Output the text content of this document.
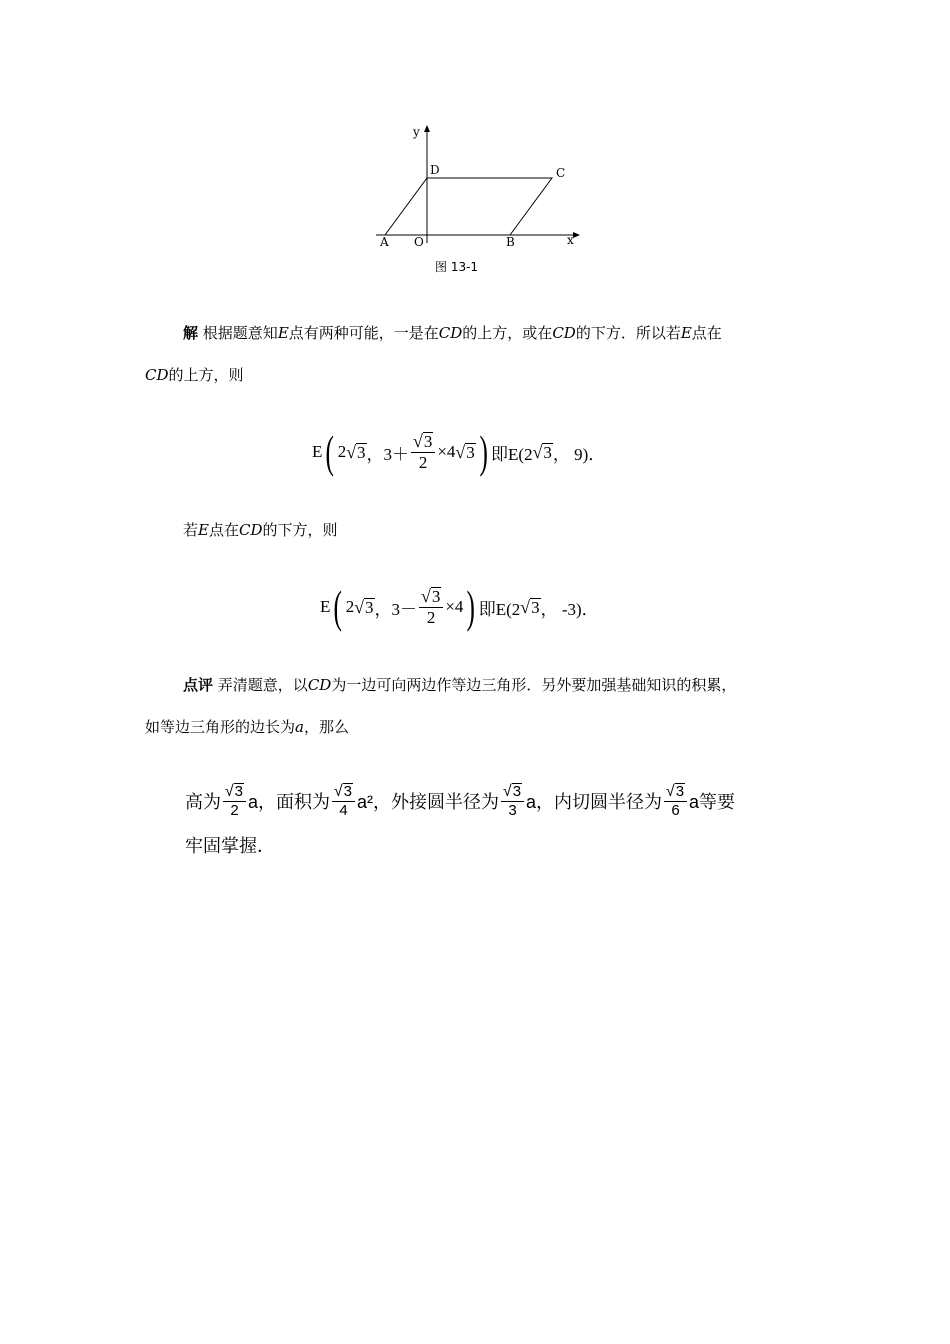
y
x
D	C
A O	B
图 13-1
解 根据题意知E点有两种可能，一是在CD的上方，或在CD的下方．所以若E点在
CD的上方，则
E ( 2 √ 3 ， $3+ \frac{√ 3}{2} \times 4$ √ 3 ) 即E(2 √ 3 ， 9)．
若E点在CD的下方，则
E ( 2 √ 3 ， $3- \frac{√ 3}{2} \times 4$ ) 即E(2 √ 3 ， -3)．
点评 弄清题意，以CD为一边可向两边作等边三角形．另外要加强基础知识的积累，
如等边三角形的边长为a，那么
高为 $\frac{√ 3}{2}$ a，面积为 $\frac{√ 3}{4} a^2$，外接圆半径为 $\frac{√ 3}{3}$ a，内切圆半径为 $\frac{√ 3}{6}$ a等要
牢固掌握．
